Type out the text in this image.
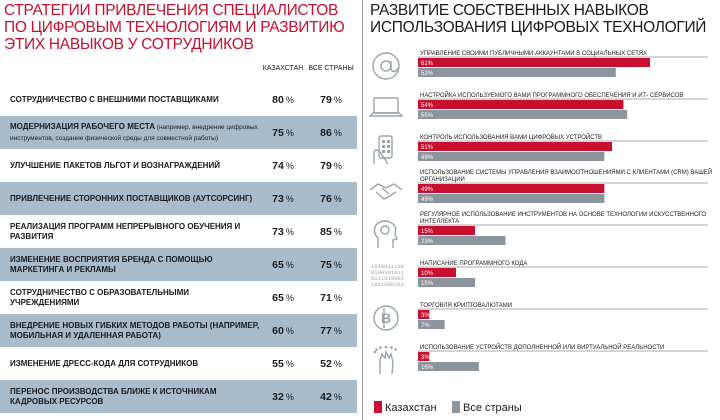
СТРАТЕГИИ ПРИВЛЕЧЕНИЯ СПЕЦИАЛИСТОВ ПО ЦИФРОВЫМ ТЕХНОЛОГИЯМ И РАЗВИТИЮ ЭТИХ НАВЫКОВ У СОТРУДНИКОВ
КАЗАХСТАН ВСЕ СТРАНЫ
СОТРУДНИЧЕСТВО С ВНЕШНИМИ ПОСТАВЩИКАМИ	80 %	79 %
МОДЕРНИЗАЦИЯ РАБОЧЕГО МЕСТА (например, внедрение цифровых инструментов, создание физической среды для совместной работы)	75 %	86 %
УЛУЧШЕНИЕ ПАКЕТОВ ЛЬГОТ И ВОЗНАГРАЖДЕНИЙ	74 %	79 %
ПРИВЛЕЧЕНИЕ СТОРОННИХ ПОСТАВЩИКОВ (АУТСОРСИНГ)	73 %	76 %
РЕАЛИЗАЦИЯ ПРОГРАММ НЕПРЕРЫВНОГО ОБУЧЕНИЯ И РАЗВИТИЯ	73 %	85 %
ИЗМЕНЕНИЕ ВОСПРИЯТИЯ БРЕНДА С ПОМОЩЬЮ МАРКЕТИНГА И РЕКЛАМЫ	65 %	75 %
СОТРУДНИЧЕСТВО С ОБРАЗОВАТЕЛЬНЫМИ УЧРЕЖДЕНИЯМИ	65 %	71 %
ВНЕДРЕНИЕ НОВЫХ ГИБКИХ МЕТОДОВ РАБОТЫ (НАПРИМЕР, МОБИЛЬНАЯ И УДАЛЕННАЯ РАБОТА)	60 %	77 %
ИЗМЕНЕНИЕ ДРЕСС-КОДА ДЛЯ СОТРУДНИКОВ	55 %	52 %
ПЕРЕНОС ПРОИЗВОДСТВА БЛИЖЕ К ИСТОЧНИКАМ КАДРОВЫХ РЕСУРСОВ	32 %	42 %
УПРАВЛЕНИЕ СВОИМИ ПУБЛИЧНЫМИ АККАУНТАМИ В СОЦИАЛЬНЫХ СЕТЯХ
61%
52%
НАСТРОЙКА ИСПОЛЬЗУЕМОГО ВАМИ ПРОГРАММНОГО ОБЕСПЕЧЕНИЯ И ИТ- СЕРВИСОВ
54%
55%
КОНТРОЛЬ ИСПОЛЬЗОВАНИЯ ВАМИ ЦИФРОВЫХ УСТРОЙСТВ
51%
49%
ИСПОЛЬЗОВАНИЕ СИСТЕМЫ УПРАВЛЕНИЯ ВЗАИМООТНОШЕНИЯМИ С КЛИЕНТАМИ (CRM) ВАШЕЙ
ОРГАНИЗАЦИИ
49%
49%
РЕГУЛЯРНОЕ ИСПОЛЬЗОВАНИЕ ИНСТРУМЕНТОВ НА ОСНОВЕ ТЕХНОЛОГИИ ИСКУССТВЕННОГО
ИНТЕЛЛЕКТА
15%
23%
1010011100
0100101011
0111010001
1011000101
НАПИСАНИЕ ПРОГРАММНОГО КОДА
10%
15%
B
ТОРГОВЛЯ КРИПТОВАЛЮТАМИ
3%
7%
ИСПОЛЬЗОВАНИЕ УСТРОЙСТВ ДОПОЛНЕННОЙ ИЛИ ВИРТУАЛЬНОЙ РЕАЛЬНОСТИ
3%
16%
Казахстан Все страны
РАЗВИТИЕ СОБСТВЕННЫХ НАВЫКОВ ИСПОЛЬЗОВАНИЯ ЦИФРОВЫХ ТЕХНОЛОГИЙ
